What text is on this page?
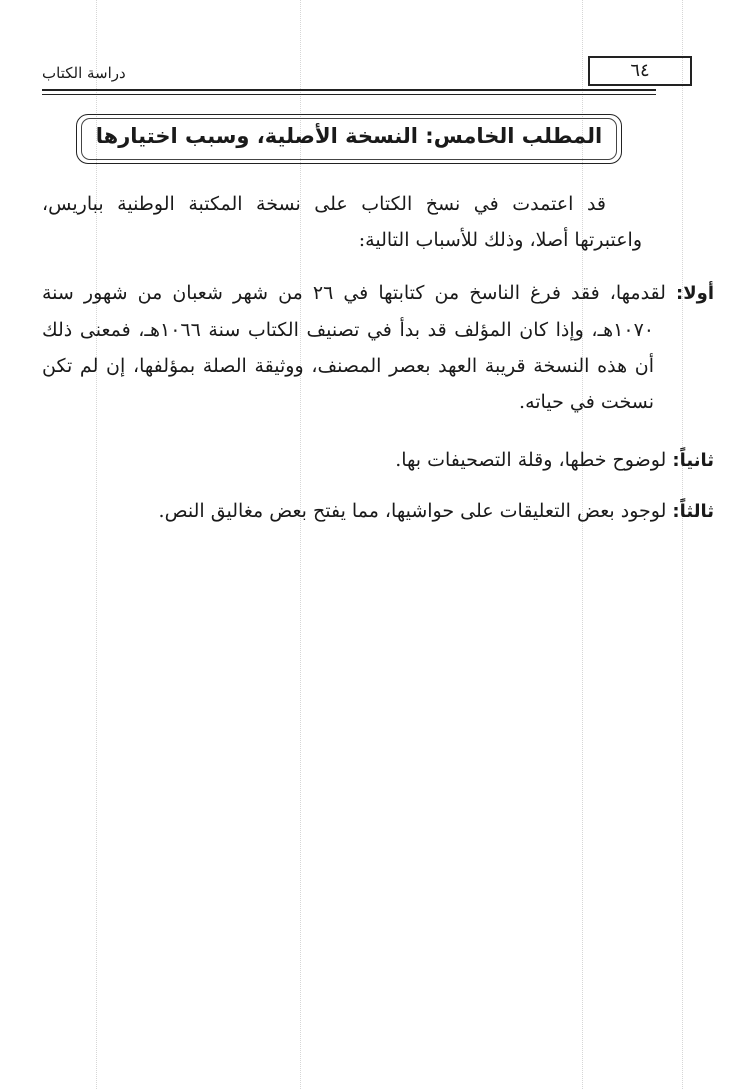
دراسة الكتاب	٦٤
المطلب الخامس: النسخة الأصلية، وسبب اختيارها

قد اعتمدت في نسخ الكتاب على نسخة المكتبة الوطنية بباريس، واعتبرتها أصلا، وذلك للأسباب التالية:

أولا: لقدمها، فقد فرغ الناسخ من كتابتها في ٢٦ من شهر شعبان من شهور سنة ١٠٧٠هـ، وإذا كان المؤلف قد بدأ في تصنيف الكتاب سنة ١٠٦٦هـ، فمعنى ذلك أن هذه النسخة قريبة العهد بعصر المصنف، ووثيقة الصلة بمؤلفها، إن لم تكن نسخت في حياته.

ثانياً: لوضوح خطها، وقلة التصحيفات بها.

ثالثاً: لوجود بعض التعليقات على حواشيها، مما يفتح بعض مغاليق النص.
